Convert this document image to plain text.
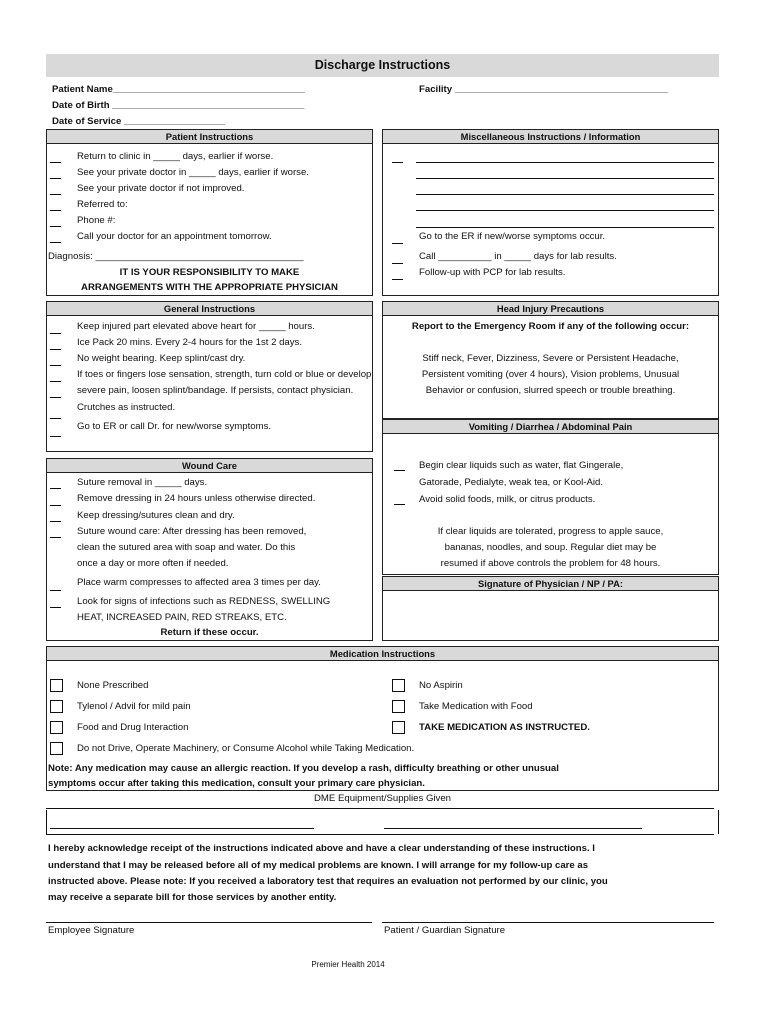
Discharge Instructions
Patient Name____________________________________	Facility ________________________________________
Date of Birth ____________________________________
Date of Service ___________________
Patient Instructions
Return to clinic in _____ days, earlier if worse.
See your private doctor in _____ days, earlier if worse.
See your private doctor if not improved.
Referred to:
Phone #:
Call your doctor for an appointment tomorrow.
Diagnosis: _______________________________________
IT IS YOUR RESPONSIBILITY TO MAKE
ARRANGEMENTS WITH THE APPROPRIATE PHYSICIAN
Miscellaneous Instructions / Information
Go to the ER if new/worse symptoms occur.
Call __________ in _____ days for lab results.
Follow-up with PCP for lab results.
General Instructions
Keep injured part elevated above heart for _____ hours.
Ice Pack 20 mins. Every 2-4 hours for the 1st 2 days.
No weight bearing. Keep splint/cast dry.
If toes or fingers lose sensation, strength, turn cold or blue or develop
severe pain, loosen splint/bandage. If persists, contact physician.
Crutches as instructed.
Go to ER or call Dr. for new/worse symptoms.
Head Injury Precautions
Report to the Emergency Room if any of the following occur:
Stiff neck, Fever, Dizziness, Severe or Persistent Headache,
Persistent vomiting (over 4 hours), Vision problems, Unusual
Behavior or confusion, slurred speech or trouble breathing.
Vomiting / Diarrhea / Abdominal Pain
Begin clear liquids such as water, flat Gingerale,
Gatorade, Pedialyte, weak tea, or Kool-Aid.
Avoid solid foods, milk, or citrus products.
If clear liquids are tolerated, progress to apple sauce,
bananas, noodles, and soup. Regular diet may be
resumed if above controls the problem for 48 hours.
Wound Care
Suture removal in _____ days.
Remove dressing in 24 hours unless otherwise directed.
Keep dressing/sutures clean and dry.
Suture wound care: After dressing has been removed,
clean the sutured area with soap and water. Do this
once a day or more often if needed.
Place warm compresses to affected area 3 times per day.
Look for signs of infections such as REDNESS, SWELLING
HEAT, INCREASED PAIN, RED STREAKS, ETC.
Return if these occur.
Signature of Physician / NP / PA:
Medication Instructions
None Prescribed
Tylenol / Advil for mild pain
Food and Drug Interaction
Do not Drive, Operate Machinery, or Consume Alcohol while Taking Medication.
No Aspirin
Take Medication with Food
TAKE MEDICATION AS INSTRUCTED.
Note: Any medication may cause an allergic reaction. If you develop a rash, difficulty breathing or other unusual
symptoms occur after taking this medication, consult your primary care physician.
DME Equipment/Supplies Given
I hereby acknowledge receipt of the instructions indicated above and have a clear understanding of these instructions. I
understand that I may be released before all of my medical problems are known. I will arrange for my follow-up care as
instructed above. Please note: If you received a laboratory test that requires an evaluation not performed by our clinic, you
may receive a separate bill for those services by another entity.
Employee Signature	Patient / Guardian Signature
Premier Health 2014
